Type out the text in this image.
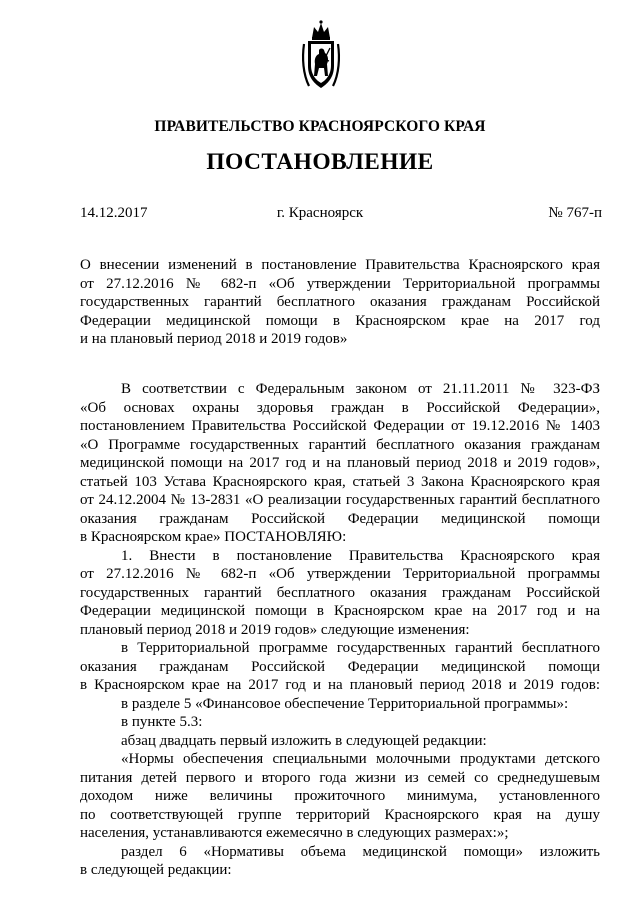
ПРАВИТЕЛЬСТВО КРАСНОЯРСКОГО КРАЯ
ПОСТАНОВЛЕНИЕ
г. Красноярск
14.12.2017	№ 767-п
О внесении изменений в постановление Правительства Красноярского края
от 27.12.2016 № 682-п «Об утверждении Территориальной программы
государственных гарантий бесплатного оказания гражданам Российской
Федерации медицинской помощи в Красноярском крае на 2017 год
и на плановый период 2018 и 2019 годов»
В соответствии с Федеральным законом от 21.11.2011 № 323-ФЗ
«Об основах охраны здоровья граждан в Российской Федерации»,
постановлением Правительства Российской Федерации от 19.12.2016 № 1403
«О Программе государственных гарантий бесплатного оказания гражданам
медицинской помощи на 2017 год и на плановый период 2018 и 2019 годов»,
статьей 103 Устава Красноярского края, статьей 3 Закона Красноярского края
от 24.12.2004 № 13-2831 «О реализации государственных гарантий бесплатного
оказания гражданам Российской Федерации медицинской помощи
в Красноярском крае» ПОСТАНОВЛЯЮ:
1. Внести в постановление Правительства Красноярского края
от 27.12.2016 № 682-п «Об утверждении Территориальной программы
государственных гарантий бесплатного оказания гражданам Российской
Федерации медицинской помощи в Красноярском крае на 2017 год и на
плановый период 2018 и 2019 годов» следующие изменения:
в Территориальной программе государственных гарантий бесплатного
оказания гражданам Российской Федерации медицинской помощи
в Красноярском крае на 2017 год и на плановый период 2018 и 2019 годов:
в разделе 5 «Финансовое обеспечение Территориальной программы»:
в пункте 5.3:
абзац двадцать первый изложить в следующей редакции:
«Нормы обеспечения специальными молочными продуктами детского
питания детей первого и второго года жизни из семей со среднедушевым
доходом ниже величины прожиточного минимума, установленного
по соответствующей группе территорий Красноярского края на душу
населения, устанавливаются ежемесячно в следующих размерах:»;
раздел 6 «Нормативы объема медицинской помощи» изложить
в следующей редакции:
